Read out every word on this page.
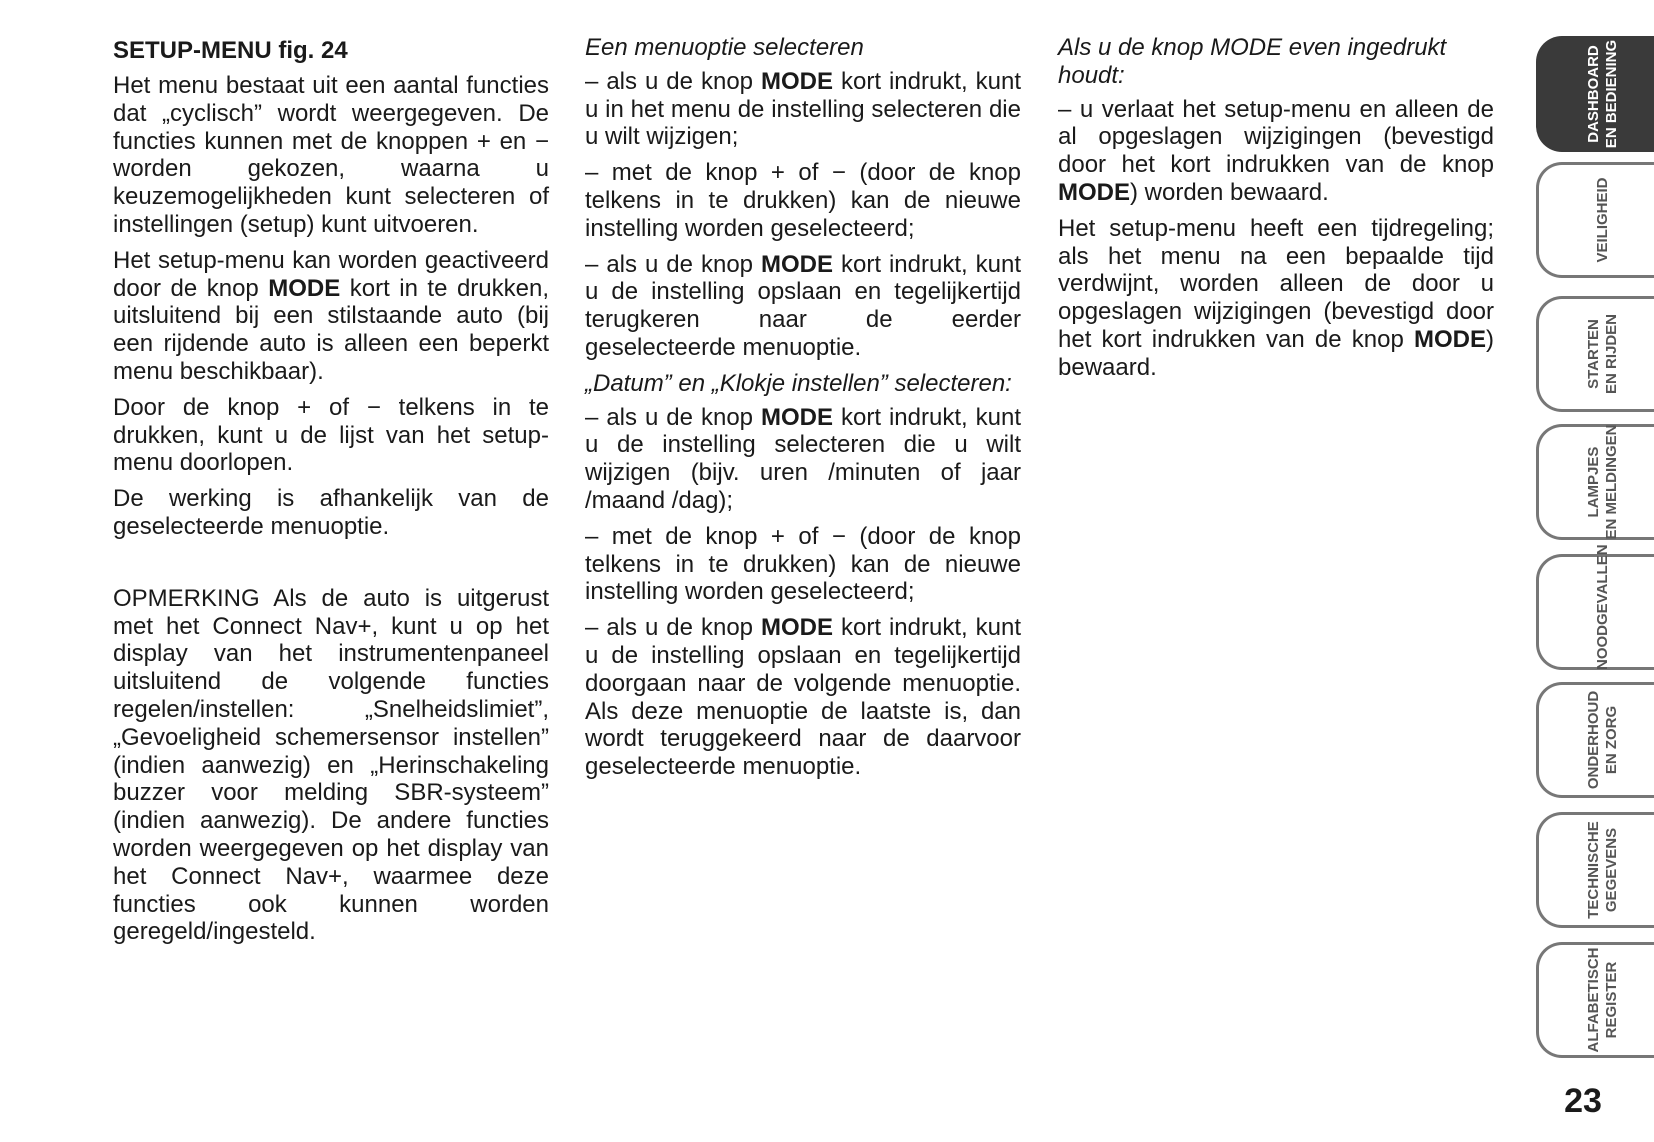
SETUP-MENU fig. 24

Het menu bestaat uit een aantal functies dat „cyclisch” wordt weergegeven. De functies kunnen met de knoppen + en − worden gekozen, waarna u keuzemogelijkheden kunt selecteren of instellingen (setup) kunt uitvoeren.

Het setup-menu kan worden geactiveerd door de knop MODE kort in te drukken, uitsluitend bij een stilstaande auto (bij een rijdende auto is alleen een beperkt menu beschikbaar).

Door de knop + of − telkens in te drukken, kunt u de lijst van het setup-menu doorlopen.

De werking is afhankelijk van de geselecteerde menuoptie.

OPMERKING Als de auto is uitgerust met het Connect Nav+, kunt u op het display van het instrumentenpaneel uitsluitend de volgende functies regelen/instellen: „Snelheidslimiet”, „Gevoeligheid schemersensor instellen” (indien aanwezig) en „Herinschakeling buzzer voor melding SBR-systeem” (indien aanwezig). De andere functies worden weergegeven op het display van het Connect Nav+, waarmee deze functies ook kunnen worden geregeld/ingesteld.

Een menuoptie selecteren

– als u de knop MODE kort indrukt, kunt u in het menu de instelling selecteren die u wilt wijzigen;

– met de knop + of − (door de knop telkens in te drukken) kan de nieuwe instelling worden geselecteerd;

– als u de knop MODE kort indrukt, kunt u de instelling opslaan en tegelijkertijd terugkeren naar de eerder geselecteerde menuoptie.

„Datum” en „Klokje instellen” selecteren:

– als u de knop MODE kort indrukt, kunt u de instelling selecteren die u wilt wijzigen (bijv. uren /minuten of jaar /maand /dag);

– met de knop + of − (door de knop telkens in te drukken) kan de nieuwe instelling worden geselecteerd;

– als u de knop MODE kort indrukt, kunt u de instelling opslaan en tegelijkertijd doorgaan naar de volgende menuoptie. Als deze menuoptie de laatste is, dan wordt teruggekeerd naar de daarvoor geselecteerde menuoptie.

Als u de knop MODE even ingedrukt houdt:

– u verlaat het setup-menu en alleen de al opgeslagen wijzigingen (bevestigd door het kort indrukken van de knop MODE) worden bewaard.

Het setup-menu heeft een tijdregeling; als het menu na een bepaalde tijd verdwijnt, worden alleen de door u opgeslagen wijzigingen (bevestigd door het kort indrukken van de knop MODE) bewaard.

DASHBOARD
EN BEDIENING
VEILIGHEID
STARTEN
EN RIJDEN
LAMPJES
EN MELDINGEN
NOODGEVALLEN
ONDERHOUD
EN ZORG
TECHNISCHE
GEGEVENS
ALFABETISCH
REGISTER
23
